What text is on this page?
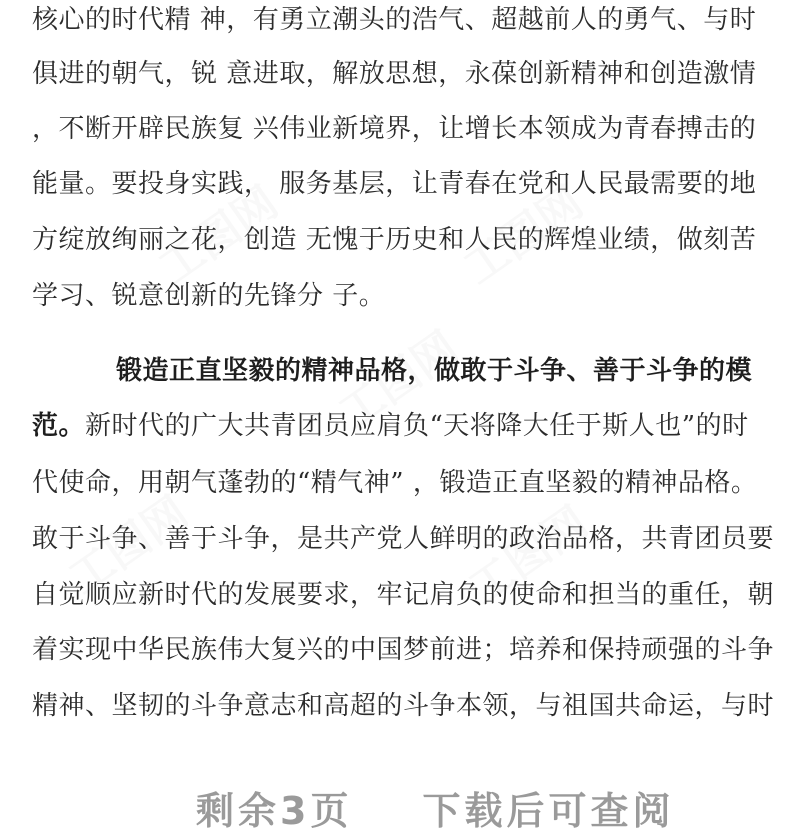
工图网	工图网
工图网
工图网	工图网
核心的时代精 神，有勇立潮头的浩气、超越前人的勇气、与时
俱进的朝气，锐 意进取，解放思想，永葆创新精神和创造激情
，不断开辟民族复 兴伟业新境界，让增长本领成为青春搏击的
能量。要投身实践， 服务基层，让青春在党和人民最需要的地
方绽放绚丽之花，创造 无愧于历史和人民的辉煌业绩，做刻苦
学习、锐意创新的先锋分 子。
锻造正直坚毅的精神品格，做敢于斗争、善于斗争的模
范。新时代的广大共青团员应肩负“天将降大任于斯人也”的时
代使命，用朝气蓬勃的“精气神” ，锻造正直坚毅的精神品格。
敢于斗争、善于斗争，是共产党人鲜明的政治品格，共青团员要
自觉顺应新时代的发展要求，牢记肩负的使命和担当的重任，朝
着实现中华民族伟大复兴的中国梦前进；培养和保持顽强的斗争
精神、坚韧的斗争意志和高超的斗争本领，与祖国共命运，与时
剩余3页 下载后可查阅
